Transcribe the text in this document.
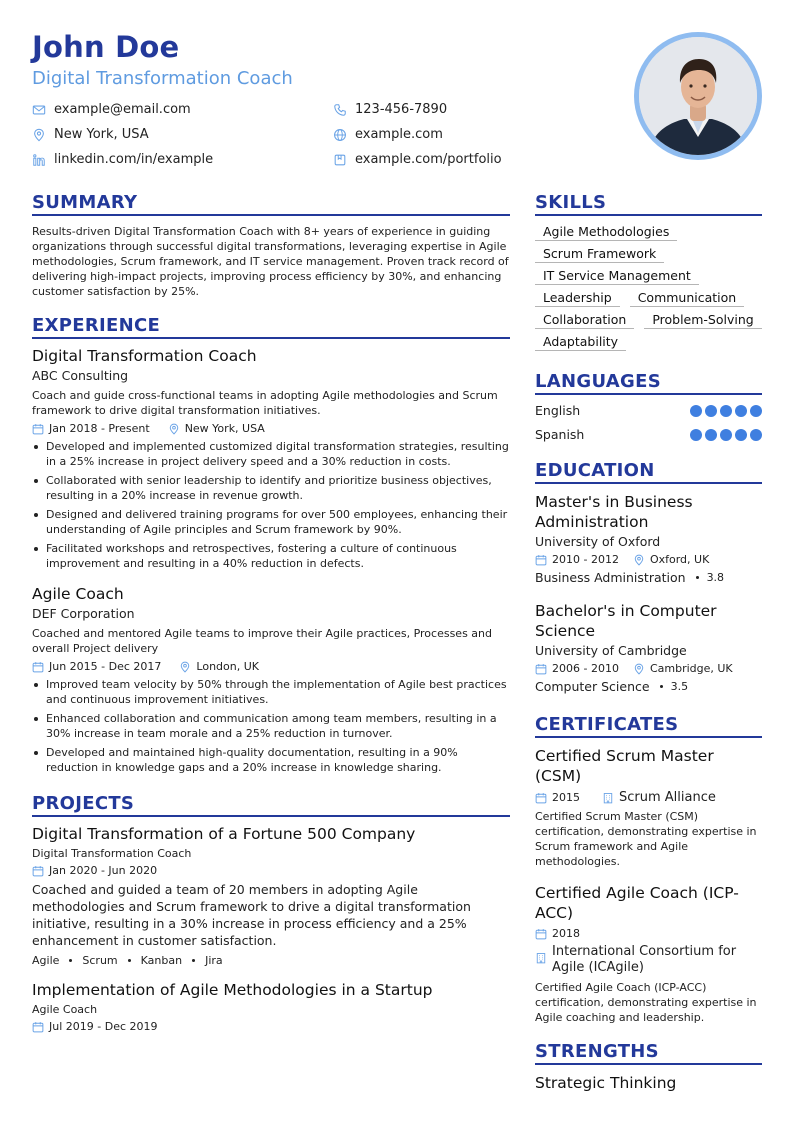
John Doe
Digital Transformation Coach
example@email.com	123-456-7890
New York, USA	example.com
linkedin.com/in/example	example.com/portfolio
SUMMARY
Results-driven Digital Transformation Coach with 8+ years of experience in guiding organizations through successful digital transformations, leveraging expertise in Agile methodologies, Scrum framework, and IT service management. Proven track record of delivering high-impact projects, improving process efficiency by 30%, and enhancing customer satisfaction by 25%.
EXPERIENCE
Digital Transformation Coach
ABC Consulting
Coach and guide cross-functional teams in adopting Agile methodologies and Scrum framework to drive digital transformation initiatives.
Jan 2018 - Present	New York, USA
Developed and implemented customized digital transformation strategies, resulting in a 25% increase in project delivery speed and a 30% reduction in costs.
Collaborated with senior leadership to identify and prioritize business objectives, resulting in a 20% increase in revenue growth.
Designed and delivered training programs for over 500 employees, enhancing their understanding of Agile principles and Scrum framework by 90%.
Facilitated workshops and retrospectives, fostering a culture of continuous improvement and resulting in a 40% reduction in defects.
Agile Coach
DEF Corporation
Coached and mentored Agile teams to improve their Agile practices, Processes and overall Project delivery
Jun 2015 - Dec 2017	London, UK
Improved team velocity by 50% through the implementation of Agile best practices and continuous improvement initiatives.
Enhanced collaboration and communication among team members, resulting in a 30% increase in team morale and a 25% reduction in turnover.
Developed and maintained high-quality documentation, resulting in a 90% reduction in knowledge gaps and a 20% increase in knowledge sharing.
PROJECTS
Digital Transformation of a Fortune 500 Company
Digital Transformation Coach
Jan 2020 - Jun 2020
Coached and guided a team of 20 members in adopting Agile methodologies and Scrum framework to drive a digital transformation initiative, resulting in a 30% increase in process efficiency and a 25% enhancement in customer satisfaction.
Agile Scrum Kanban Jira
Implementation of Agile Methodologies in a Startup
Agile Coach
Jul 2019 - Dec 2019
SKILLS
Agile Methodologies
Scrum Framework
IT Service Management
Leadership	Communication
Collaboration	Problem-Solving
Adaptability
LANGUAGES
English
Spanish
EDUCATION
Master's in Business Administration
University of Oxford
2010 - 2012	Oxford, UK
Business Administration 3.8
Bachelor's in Computer Science
University of Cambridge
2006 - 2010	Cambridge, UK
Computer Science 3.5
CERTIFICATES
Certified Scrum Master (CSM)
2015	Scrum Alliance
Certified Scrum Master (CSM) certification, demonstrating expertise in Scrum framework and Agile methodologies.
Certified Agile Coach (ICP-ACC)
2018
International Consortium for Agile (ICAgile)
Certified Agile Coach (ICP-ACC) certification, demonstrating expertise in Agile coaching and leadership.
STRENGTHS
Strategic Thinking
